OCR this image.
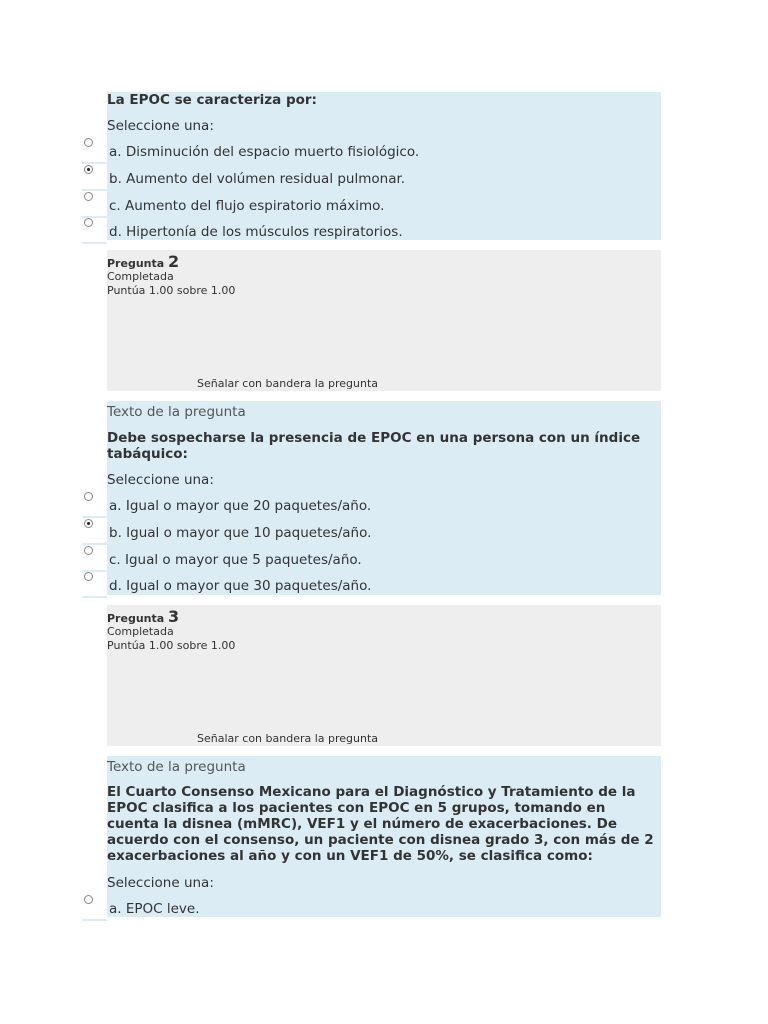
La EPOC se caracteriza por:
Seleccione una:
a. Disminución del espacio muerto fisiológico.
b. Aumento del volúmen residual pulmonar.
c. Aumento del flujo espiratorio máximo.
d. Hipertonía de los músculos respiratorios.
Pregunta 2
Completada
Puntúa 1.00 sobre 1.00
Señalar con bandera la pregunta
Texto de la pregunta
Debe sospecharse la presencia de EPOC en una persona con un índice tabáquico:
Seleccione una:
a. Igual o mayor que 20 paquetes/año.
b. Igual o mayor que 10 paquetes/año.
c. Igual o mayor que 5 paquetes/año.
d. Igual o mayor que 30 paquetes/año.
Pregunta 3
Completada
Puntúa 1.00 sobre 1.00
Señalar con bandera la pregunta
Texto de la pregunta
El Cuarto Consenso Mexicano para el Diagnóstico y Tratamiento de la EPOC clasifica a los pacientes con EPOC en 5 grupos, tomando en cuenta la disnea (mMRC), VEF1 y el número de exacerbaciones. De acuerdo con el consenso, un paciente con disnea grado 3, con más de 2 exacerbaciones al año y con un VEF1 de 50%, se clasifica como:
Seleccione una:
a. EPOC leve.
